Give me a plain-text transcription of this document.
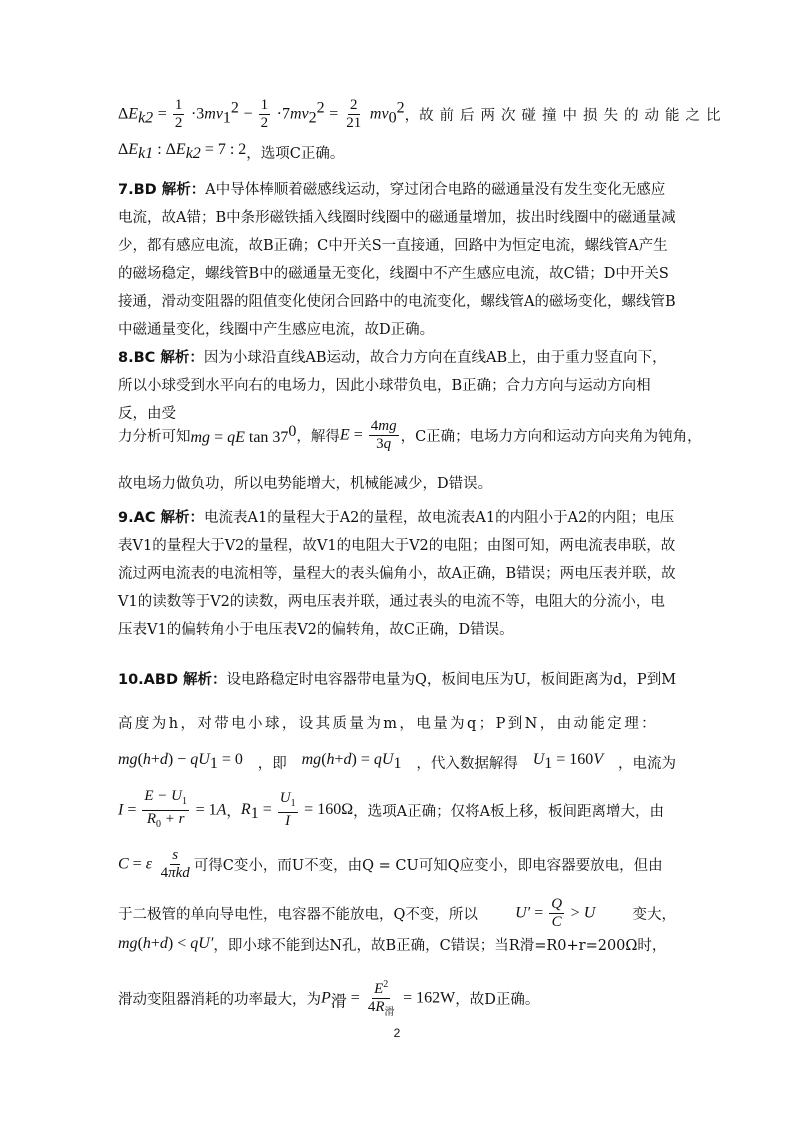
$\Delta E_{k2} = \frac{1}{2} \cdot 3mv_1^2 - \frac{1}{2} \cdot 7mv_2^2 = \frac{2}{21} mv_0^2$ ， 故前后两次碰撞中损失的动能之比
$\Delta E_{k1}$ : $\Delta E_{k2} = 7$ : 2 ，选项C正确。
7.BD 解析：A中导体棒顺着磁感线运动，穿过闭合电路的磁通量没有发生变化无感应电流，故A错；B中条形磁铁插入线圈时线圈中的磁通量增加，拔出时线圈中的磁通量减少，都有感应电流，故B正确；C中开关S一直接通，回路中为恒定电流，螺线管A产生的磁场稳定，螺线管B中的磁通量无变化，线圈中不产生感应电流，故C错；D中开关S接通，滑动变阻器的阻值变化使闭合回路中的电流变化，螺线管A的磁场变化，螺线管B中磁通量变化，线圈中产生感应电流，故D正确。
8.BC 解析：因为小球沿直线AB运动，故合力方向在直线AB上，由于重力竖直向下，所以小球受到水平向右的电场力，因此小球带负电，B正确；合力方向与运动方向相反，由受
力分析可知 mg = qE $\tan 37^0$ ，解得 $E = \frac{4mg}{3q}$ ，C正确；电场力方向和运动方向夹角为钝角，
故电场力做负功，所以电势能增大，机械能减少，D错误。
9.AC 解析：电流表A1的量程大于A2的量程，故电流表A1的内阻小于A2的内阻；电压表V1的量程大于V2的量程，故V1的电阻大于V2的电阻；由图可知，两电流表串联，故流过两电流表的电流相等，量程大的表头偏角小，故A正确，B错误；两电压表并联，故V1的读数等于V2的读数，两电压表并联，通过表头的电流不等，电阻大的分流小，电压表V1的偏转角小于电压表V2的偏转角，故C正确，D错误。
10.ABD 解析：设电路稳定时电容器带电量为Q，板间电压为U，板间距离为d，P到M
高度为h，对带电小球，设其质量为m，电量为q；P到N，由动能定理：
$mg(h+d) - qU_1 = 0$ ，即 $mg(h+d) = qU_1$ ，代入数据解得 $U_1 = 160V$ ，电流为
$I = \frac{E - U_1}{R_0 + r} = 1A$ ， $R_1 = \frac{U_1}{I} = 160\Omega$ ，选项A正确；仅将A板上移，板间距离增大，由
C = ε $\frac{s}{\text{4πkd}}$ 可得C变小，而U不变，由Q = CU可知Q应变小，即电容器要放电，但由
于二极管的单向导电性，电容器不能放电，Q不变，所以 $U' = \frac{Q}{C} > U$	变大，
mg(h+d) < qU′ ，即小球不能到达N孔，故B正确，C错误；当R滑=R0+r=200Ω时，
滑动变阻器消耗的功率最大，为 $P_滑 = \frac{E^2}{4R_滑} = 162W$ ，故D正确。
2
